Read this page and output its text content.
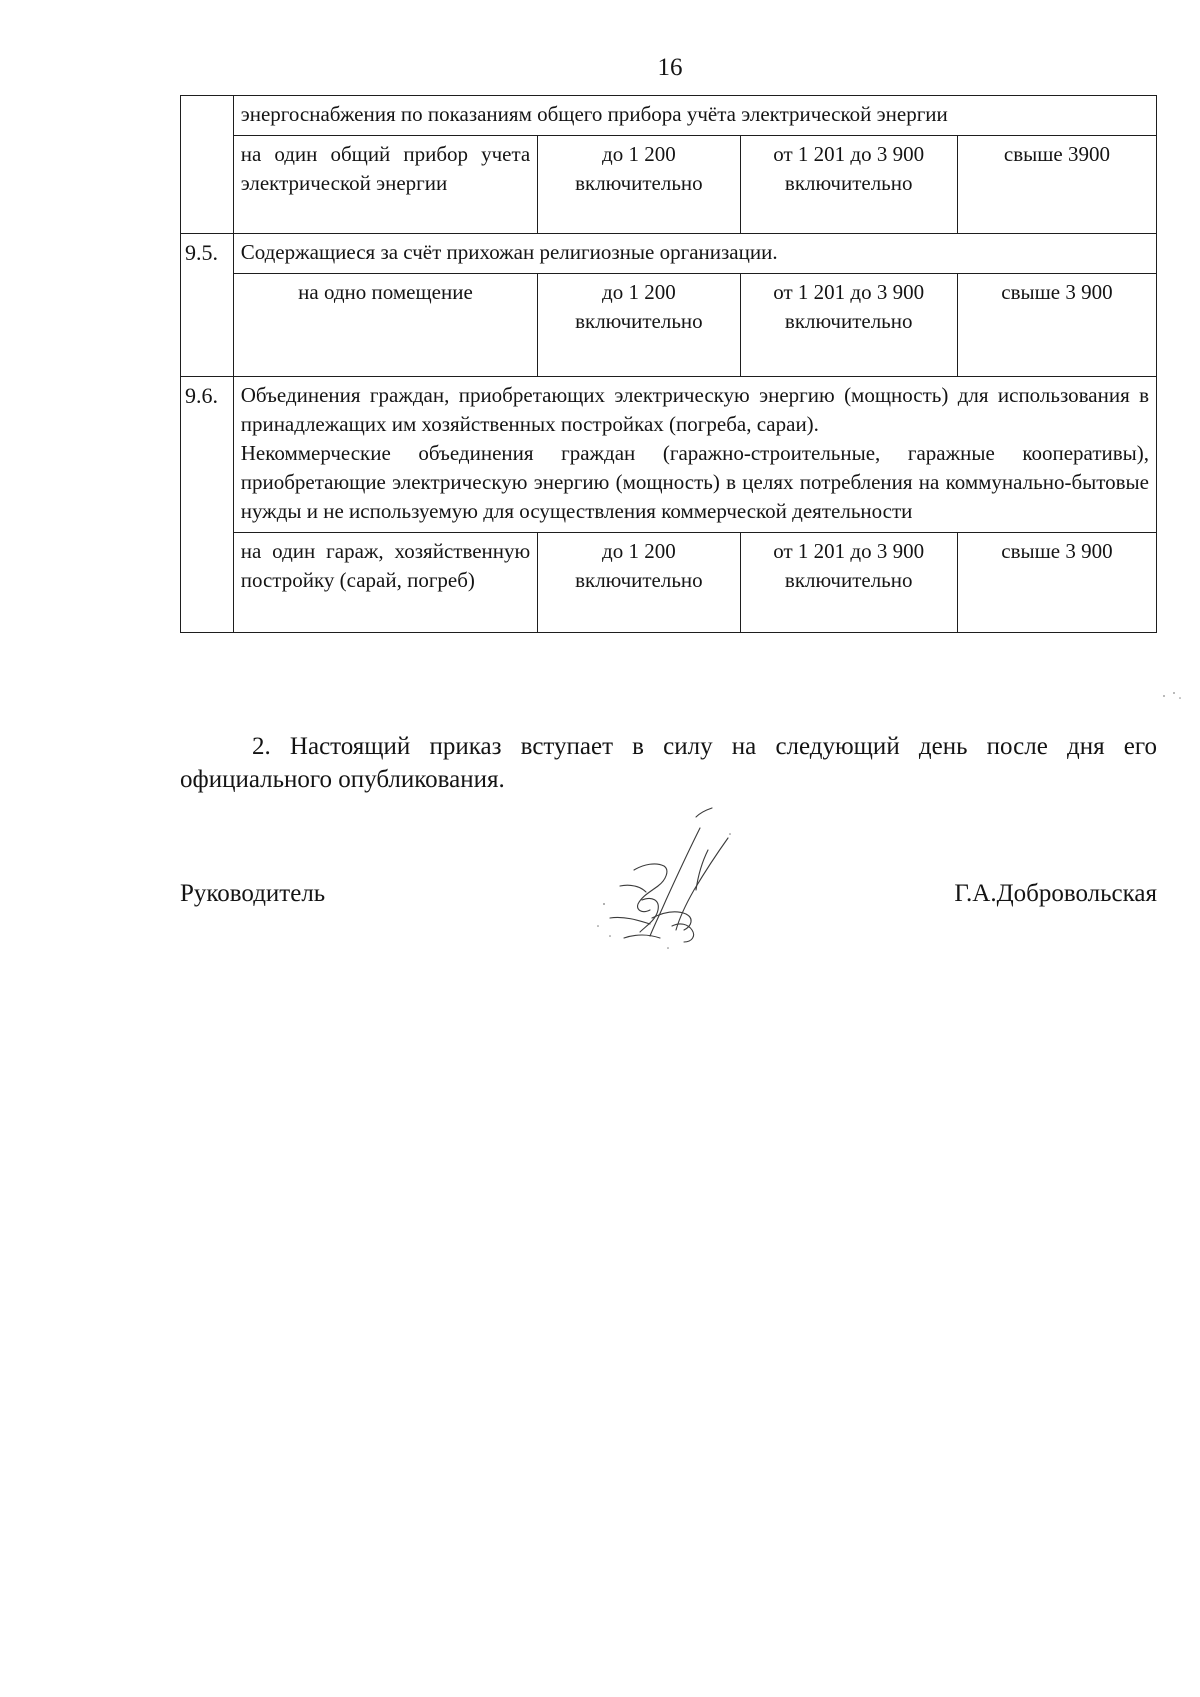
16
	энергоснабжения по показаниям общего прибора учёта электрической энергии			
	на один общий прибор учета электрической энергии	до 1 200 включительно	от 1 201 до 3 900 включительно	свыше 3900
9.5.	Содержащиеся за счёт прихожан религиозные организации.			
	на одно помещение	до 1 200 включительно	от 1 201 до 3 900 включительно	свыше 3 900
9.6.	Объединения граждан, приобретающих электрическую энергию (мощность) для использования в принадлежащих им хозяйственных постройках (погреба, сараи).
Некоммерческие объединения граждан (гаражно-строительные, гаражные кооперативы), приобретающие электрическую энергию (мощность) в целях потребления на коммунально-бытовые нужды и не используемую для осуществления коммерческой деятельности			

	на один гараж, хозяйственную постройку (сарай, погреб)	до 1 200 включительно	от 1 201 до 3 900 включительно	свыше 3 900
2. Настоящий приказ вступает в силу на следующий день после дня его официального опубликования.
Руководитель	Г.А.Добровольская
